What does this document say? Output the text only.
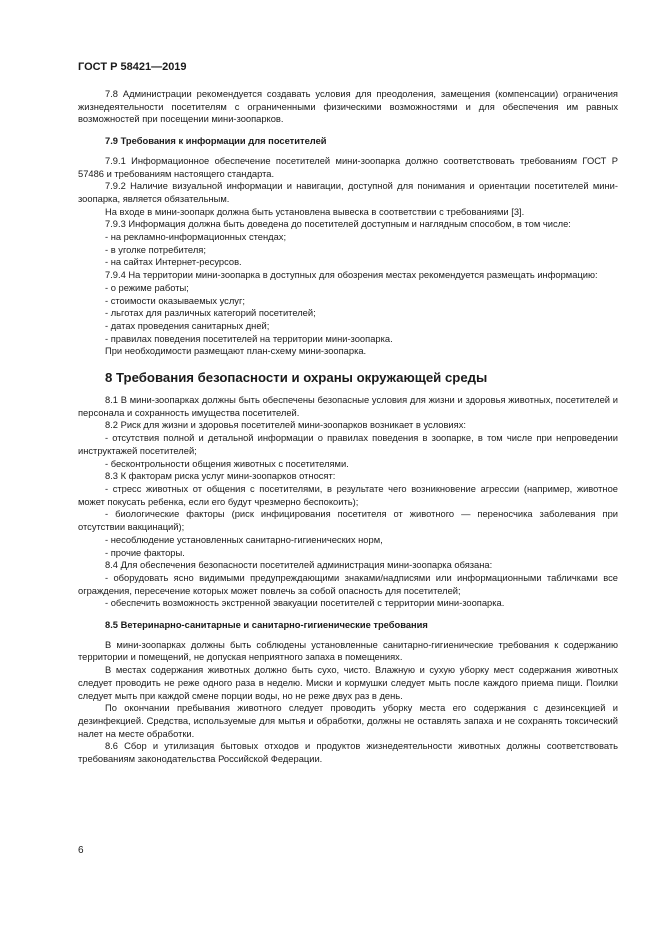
ГОСТ Р 58421—2019

7.8 Администрации рекомендуется создавать условия для преодоления, замещения (компенсации) ограничения жизнедеятельности посетителям с ограниченными физическими возможностями и для обеспечения им равных возможностей при посещении мини-зоопарков.

7.9 Требования к информации для посетителей

7.9.1 Информационное обеспечение посетителей мини-зоопарка должно соответствовать требованиям ГОСТ Р 57486 и требованиям настоящего стандарта.

7.9.2 Наличие визуальной информации и навигации, доступной для понимания и ориентации посетителей мини-зоопарка, является обязательным.

На входе в мини-зоопарк должна быть установлена вывеска в соответствии с требованиями [3].

7.9.3 Информация должна быть доведена до посетителей доступным и наглядным способом, в том числе:

- на рекламно-информационных стендах;

- в уголке потребителя;

- на сайтах Интернет-ресурсов.

7.9.4 На территории мини-зоопарка в доступных для обозрения местах рекомендуется размещать информацию:

- о режиме работы;

- стоимости оказываемых услуг;

- льготах для различных категорий посетителей;

- датах проведения санитарных дней;

- правилах поведения посетителей на территории мини-зоопарка.

При необходимости размещают план-схему мини-зоопарка.

8 Требования безопасности и охраны окружающей среды

8.1 В мини-зоопарках должны быть обеспечены безопасные условия для жизни и здоровья животных, посетителей и персонала и сохранность имущества посетителей.

8.2 Риск для жизни и здоровья посетителей мини-зоопарков возникает в условиях:

- отсутствия полной и детальной информации о правилах поведения в зоопарке, в том числе при непроведении инструктажей посетителей;

- бесконтрольности общения животных с посетителями.

8.3 К факторам риска услуг мини-зоопарков относят:

- стресс животных от общения с посетителями, в результате чего возникновение агрессии (например, животное может покусать ребенка, если его будут чрезмерно беспокоить);

- биологические факторы (риск инфицирования посетителя от животного — переносчика заболевания при отсутствии вакцинаций);

- несоблюдение установленных санитарно-гигиенических норм,

- прочие факторы.

8.4 Для обеспечения безопасности посетителей администрация мини-зоопарка обязана:

- оборудовать ясно видимыми предупреждающими знаками/надписями или информационными табличками все ограждения, пересечение которых может повлечь за собой опасность для посетителей;

- обеспечить возможность экстренной эвакуации посетителей с территории мини-зоопарка.

8.5 Ветеринарно-санитарные и санитарно-гигиенические требования

В мини-зоопарках должны быть соблюдены установленные санитарно-гигиенические требования к содержанию территории и помещений, не допуская неприятного запаха в помещениях.

В местах содержания животных должно быть сухо, чисто. Влажную и сухую уборку мест содержания животных следует проводить не реже одного раза в неделю. Миски и кормушки следует мыть после каждого приема пищи. Поилки следует мыть при каждой смене порции воды, но не реже двух раз в день.

По окончании пребывания животного следует проводить уборку места его содержания с дезинсекцией и дезинфекцией. Средства, используемые для мытья и обработки, должны не оставлять запаха и не сохранять токсический налет на месте обработки.

8.6 Сбор и утилизация бытовых отходов и продуктов жизнедеятельности животных должны соответствовать требованиям законодательства Российской Федерации.

6
